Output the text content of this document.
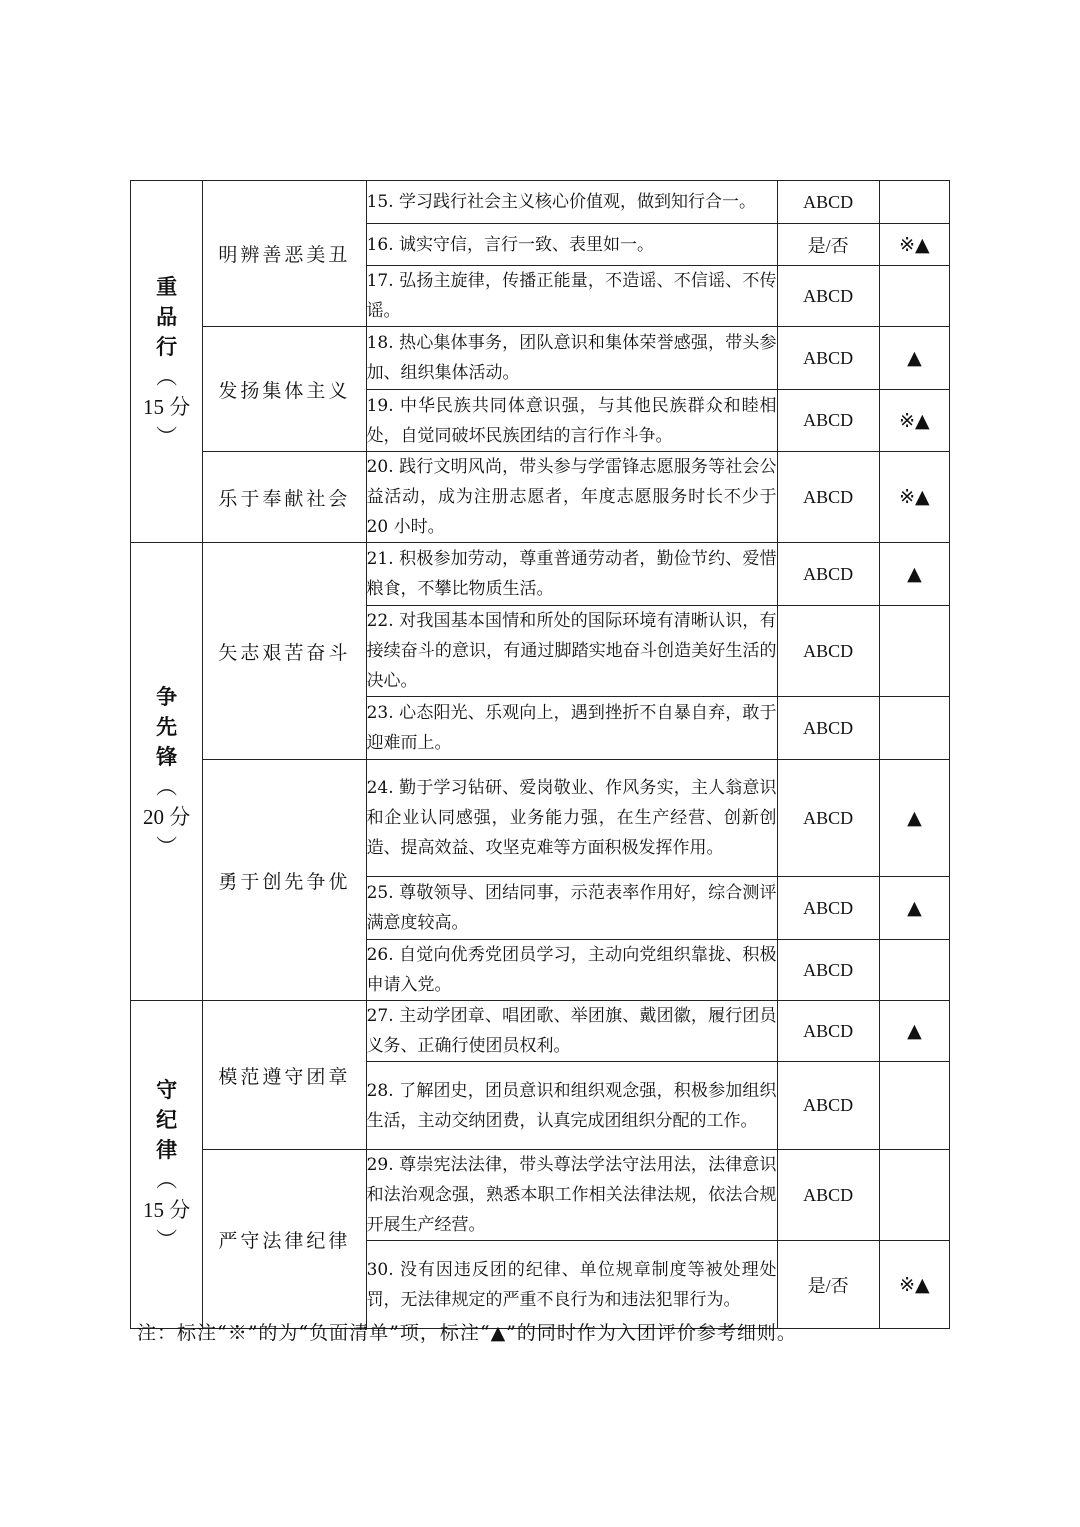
重品行
︵
15 分
︶	明辨善恶美丑	15. 学习践行社会主义核心价值观，做到知行合一。	ABCD	
		16. 诚实守信，言行一致、表里如一。	是/否	※▲
		17. 弘扬主旋律，传播正能量，不造谣、不信谣、不传谣。	ABCD	
	发扬集体主义	18. 热心集体事务，团队意识和集体荣誉感强，带头参加、组织集体活动。	ABCD	▲
		19. 中华民族共同体意识强，与其他民族群众和睦相处，自觉同破坏民族团结的言行作斗争。	ABCD	※▲
	乐于奉献社会	20. 践行文明风尚，带头参与学雷锋志愿服务等社会公益活动，成为注册志愿者，年度志愿服务时长不少于 20 小时。	ABCD	※▲
争先锋
︵
20 分
︶	矢志艰苦奋斗	21. 积极参加劳动，尊重普通劳动者，勤俭节约、爱惜粮食，不攀比物质生活。	ABCD	▲
		22. 对我国基本国情和所处的国际环境有清晰认识，有接续奋斗的意识，有通过脚踏实地奋斗创造美好生活的决心。	ABCD	
		23. 心态阳光、乐观向上，遇到挫折不自暴自弃，敢于迎难而上。	ABCD	
	勇于创先争优	24. 勤于学习钻研、爱岗敬业、作风务实，主人翁意识和企业认同感强，业务能力强，在生产经营、创新创造、提高效益、攻坚克难等方面积极发挥作用。	ABCD	▲
		25. 尊敬领导、团结同事，示范表率作用好，综合测评满意度较高。	ABCD	▲
		26. 自觉向优秀党团员学习，主动向党组织靠拢、积极申请入党。	ABCD	
守纪律
︵
15 分
︶	模范遵守团章	27. 主动学团章、唱团歌、举团旗、戴团徽，履行团员义务、正确行使团员权利。	ABCD	▲
		28. 了解团史，团员意识和组织观念强，积极参加组织生活，主动交纳团费，认真完成团组织分配的工作。	ABCD	
	严守法律纪律	29. 尊崇宪法法律，带头尊法学法守法用法，法律意识和法治观念强，熟悉本职工作相关法律法规，依法合规开展生产经营。	ABCD	
		30. 没有因违反团的纪律、单位规章制度等被处理处罚，无法律规定的严重不良行为和违法犯罪行为。	是/否	※▲
注：标注“※”的为“负面清单”项，标注“▲”的同时作为入团评价参考细则。
